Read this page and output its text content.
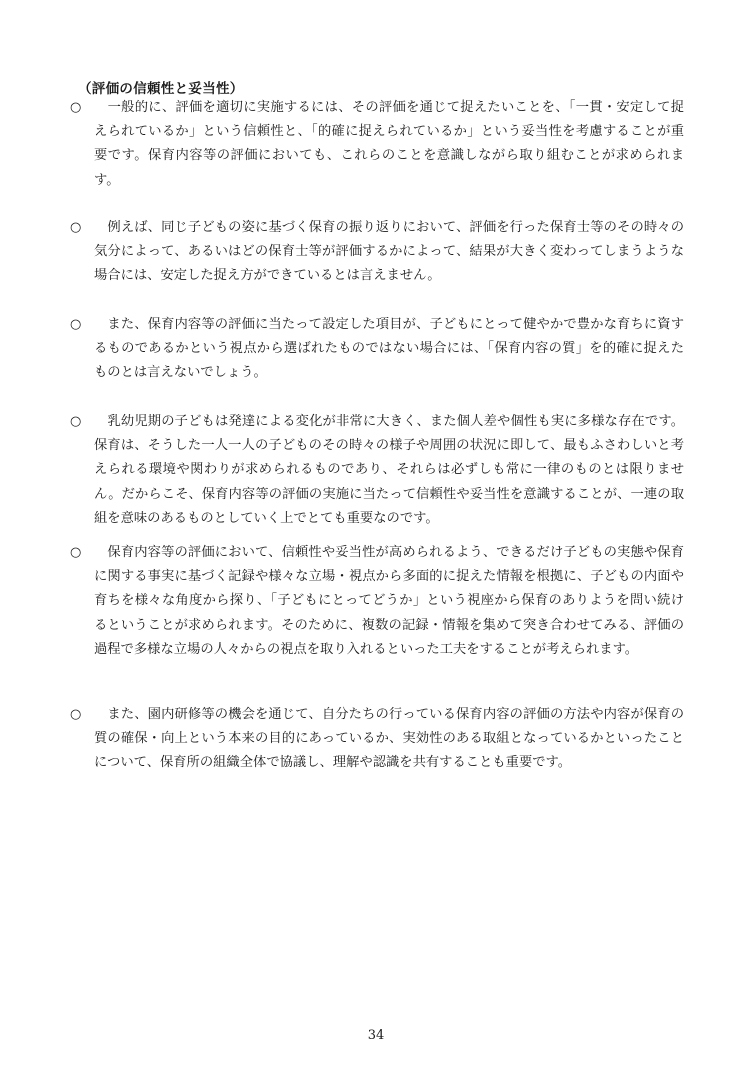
（評価の信頼性と妥当性）
○ 　一般的に、評価を適切に実施するには、その評価を通じて捉えたいことを、「一貫・安定して捉えられているか」という信頼性と、「的確に捉えられているか」という妥当性を考慮することが重要です。保育内容等の評価においても、これらのことを意識しながら取り組むことが求められます。
○ 　例えば、同じ子どもの姿に基づく保育の振り返りにおいて、評価を行った保育士等のその時々の気分によって、あるいはどの保育士等が評価するかによって、結果が大きく変わってしまうような場合には、安定した捉え方ができているとは言えません。
○ 　また、保育内容等の評価に当たって設定した項目が、子どもにとって健やかで豊かな育ちに資するものであるかという視点から選ばれたものではない場合には、「保育内容の質」を的確に捉えたものとは言えないでしょう。
○ 　乳幼児期の子どもは発達による変化が非常に大きく、また個人差や個性も実に多様な存在です。保育は、そうした一人一人の子どものその時々の様子や周囲の状況に即して、最もふさわしいと考えられる環境や関わりが求められるものであり、それらは必ずしも常に一律のものとは限りません。だからこそ、保育内容等の評価の実施に当たって信頼性や妥当性を意識することが、一連の取組を意味のあるものとしていく上でとても重要なのです。
○ 　保育内容等の評価において、信頼性や妥当性が高められるよう、できるだけ子どもの実態や保育に関する事実に基づく記録や様々な立場・視点から多面的に捉えた情報を根拠に、子どもの内面や育ちを様々な角度から探り、「子どもにとってどうか」という視座から保育のありようを問い続けるということが求められます。そのために、複数の記録・情報を集めて突き合わせてみる、評価の過程で多様な立場の人々からの視点を取り入れるといった工夫をすることが考えられます。
○ 　また、園内研修等の機会を通じて、自分たちの行っている保育内容の評価の方法や内容が保育の質の確保・向上という本来の目的にあっているか、実効性のある取組となっているかといったことについて、保育所の組織全体で協議し、理解や認識を共有することも重要です。
34
